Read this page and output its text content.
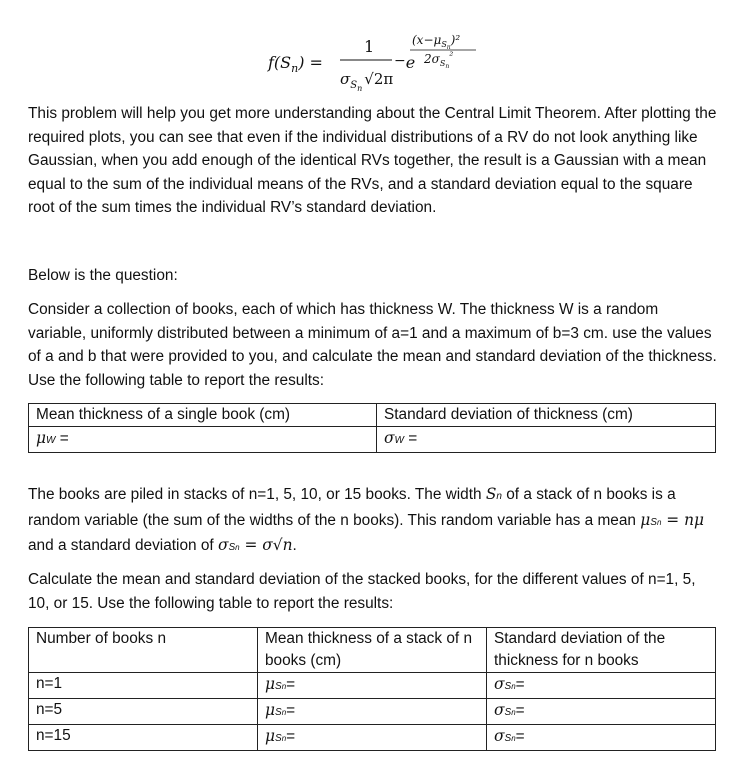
$f(S_n)$ =
1
$\sigma_{Sn}√2\pi$
−e
$(x-\mu_Sn)^2$
$2\sigma_Sn^{^2}$

This problem will help you get more understanding about the Central Limit Theorem. After plotting the required plots, you can see that even if the individual distributions of a RV do not look anything like Gaussian, when you add enough of the identical RVs together, the result is a Gaussian with a mean equal to the sum of the individual means of the RVs, and a standard deviation equal to the square root of the sum times the individual RV’s standard deviation.

Below is the question:

Consider a collection of books, each of which has thickness W. The thickness W is a random variable, uniformly distributed between a minimum of a=1 and a maximum of b=3 cm. use the values of a and b that were provided to you, and calculate the mean and standard deviation of the thickness. Use the following table to report the results:

Mean thickness of a single book (cm)	Standard deviation of thickness (cm)
μW =	σW =

The books are piled in stacks of n=1, 5, 10, or 15 books. The width Sn of a stack of n books is a random variable (the sum of the widths of the n books). This random variable has a mean μSn = nμ and a standard deviation of σSn = σ√n.

Calculate the mean and standard deviation of the stacked books, for the different values of n=1, 5, 10, or 15. Use the following table to report the results:

Number of books n	Mean thickness of a stack of n books (cm)	Standard deviation of the thickness for n books
n=1	μSn=	σSn=
n=5	μSn=	σSn=
n=15	μSn=	σSn=
